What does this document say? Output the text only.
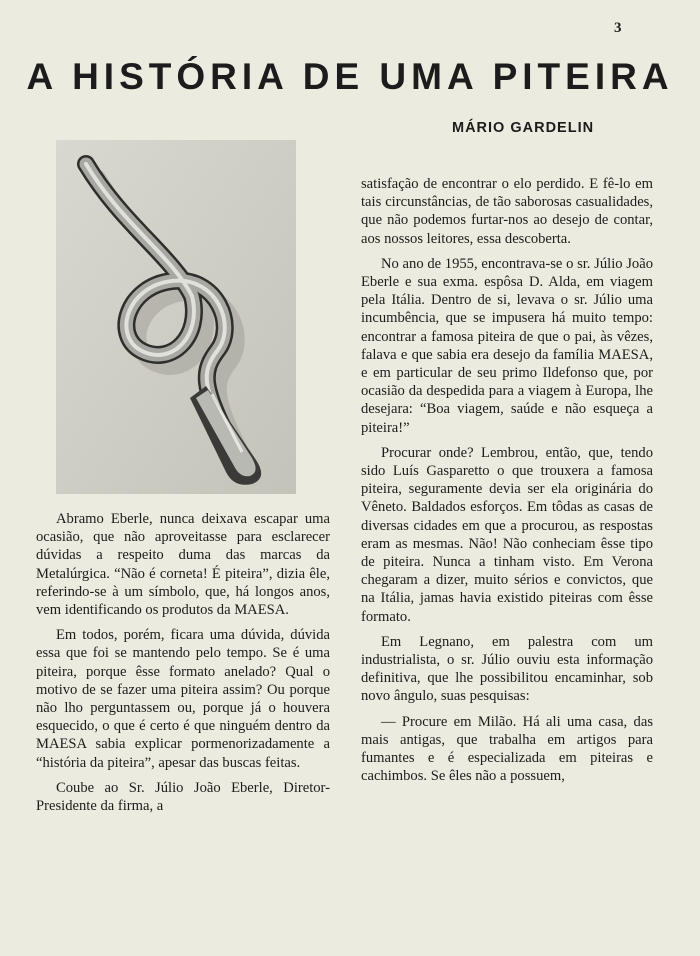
3
A HISTÓRIA DE UMA PITEIRA
MÁRIO GARDELIN

Abramo Eberle, nunca deixava escapar uma ocasião, que não aproveitasse para esclarecer dúvidas a respeito duma das marcas da Metalúrgica. “Não é corneta! É piteira”, dizia êle, referindo-se à um símbolo, que, há longos anos, vem identificando os produtos da MAESA.

Em todos, porém, ficara uma dúvida, dúvida essa que foi se mantendo pelo tempo. Se é uma piteira, porque êsse formato anelado? Qual o motivo de se fazer uma piteira assim? Ou porque não lho perguntassem ou, porque já o houvera esquecido, o que é certo é que ninguém dentro da MAESA sabia explicar pormenorizadamente a “história da piteira”, apesar das buscas feitas.

Coube ao Sr. Júlio João Eberle, Diretor-Presidente da firma, a

satisfação de encontrar o elo perdido. E fê-lo em tais circunstâncias, de tão saborosas casualidades, que não podemos furtar-nos ao desejo de contar, aos nossos leitores, essa descoberta.

No ano de 1955, encontrava-se o sr. Júlio João Eberle e sua exma. espôsa D. Alda, em viagem pela Itália. Dentro de si, levava o sr. Júlio uma incumbência, que se impusera há muito tempo: encontrar a famosa piteira de que o pai, às vêzes, falava e que sabia era desejo da família MAESA, e em particular de seu primo Ildefonso que, por ocasião da despedida para a viagem à Europa, lhe desejara: “Boa viagem, saúde e não esqueça a piteira!”

Procurar onde? Lembrou, então, que, tendo sido Luís Gasparetto o que trouxera a famosa piteira, seguramente devia ser ela originária do Vêneto. Baldados esforços. Em tôdas as casas de diversas cidades em que a procurou, as respostas eram as mesmas. Não! Não conheciam êsse tipo de piteira. Nunca a tinham visto. Em Verona chegaram a dizer, muito sérios e convictos, que na Itália, jamas havia existido piteiras com êsse formato.

Em Legnano, em palestra com um industrialista, o sr. Júlio ouviu esta informação definitiva, que lhe possibilitou encaminhar, sob novo ângulo, suas pesquisas:

— Procure em Milão. Há ali uma casa, das mais antigas, que trabalha em artigos para fumantes e é especializada em piteiras e cachimbos. Se êles não a possuem,
